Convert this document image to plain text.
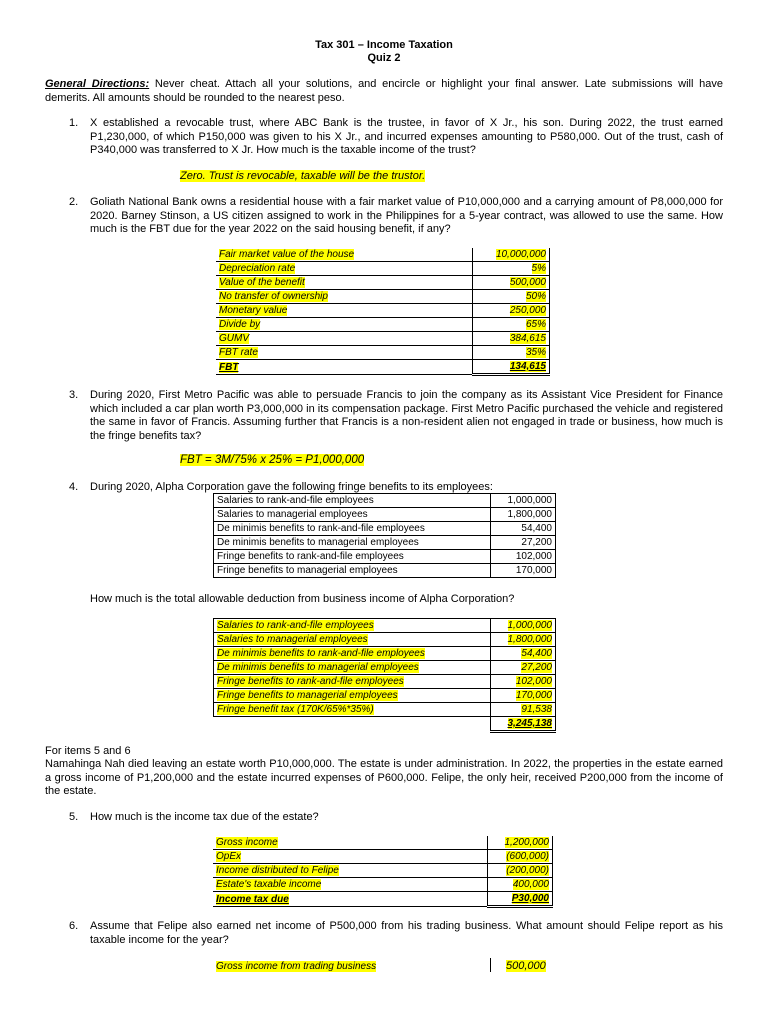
Tax 301 – Income Taxation
Quiz 2
General Directions: Never cheat. Attach all your solutions, and encircle or highlight your final answer. Late submissions will have demerits. All amounts should be rounded to the nearest peso.
1. X established a revocable trust, where ABC Bank is the trustee, in favor of X Jr., his son. During 2022, the trust earned P1,230,000, of which P150,000 was given to his X Jr., and incurred expenses amounting to P580,000. Out of the trust, cash of P340,000 was transferred to X Jr. How much is the taxable income of the trust?
Zero. Trust is revocable, taxable will be the trustor.
2. Goliath National Bank owns a residential house with a fair market value of P10,000,000 and a carrying amount of P8,000,000 for 2020. Barney Stinson, a US citizen assigned to work in the Philippines for a 5-year contract, was allowed to use the same. How much is the FBT due for the year 2022 on the said housing benefit, if any?
Fair market value of the house	10,000,000
Depreciation rate	5%
Value of the benefit	500,000
No transfer of ownership	50%
Monetary value	250,000
Divide by	65%
GUMV	384,615
FBT rate	35%
FBT	134,615
3. During 2020, First Metro Pacific was able to persuade Francis to join the company as its Assistant Vice President for Finance which included a car plan worth P3,000,000 in its compensation package. First Metro Pacific purchased the vehicle and registered the same in favor of Francis. Assuming further that Francis is a non-resident alien not engaged in trade or business, how much is the fringe benefits tax?
FBT = 3M/75% x 25% = P1,000,000
4. During 2020, Alpha Corporation gave the following fringe benefits to its employees:
Salaries to rank-and-file employees	1,000,000
Salaries to managerial employees	1,800,000
De minimis benefits to rank-and-file employees	54,400
De minimis benefits to managerial employees	27,200
Fringe benefits to rank-and-file employees	102,000
Fringe benefits to managerial employees	170,000
How much is the total allowable deduction from business income of Alpha Corporation?
Salaries to rank-and-file employees	1,000,000
Salaries to managerial employees	1,800,000
De minimis benefits to rank-and-file employees	54,400
De minimis benefits to managerial employees	27,200
Fringe benefits to rank-and-file employees	102,000
Fringe benefits to managerial employees	170,000
Fringe benefit tax (170K/65%*35%)	91,538
	3,245,138
For items 5 and 6
Namahinga Nah died leaving an estate worth P10,000,000. The estate is under administration. In 2022, the properties in the estate earned a gross income of P1,200,000 and the estate incurred expenses of P600,000. Felipe, the only heir, received P200,000 from the income of the estate.
5. How much is the income tax due of the estate?
Gross income	1,200,000
OpEx	(600,000)
Income distributed to Felipe	(200,000)
Estate's taxable income	400,000
Income tax due	P30,000
6. Assume that Felipe also earned net income of P500,000 from his trading business. What amount should Felipe report as his taxable income for the year?
Gross income from trading business	500,000
